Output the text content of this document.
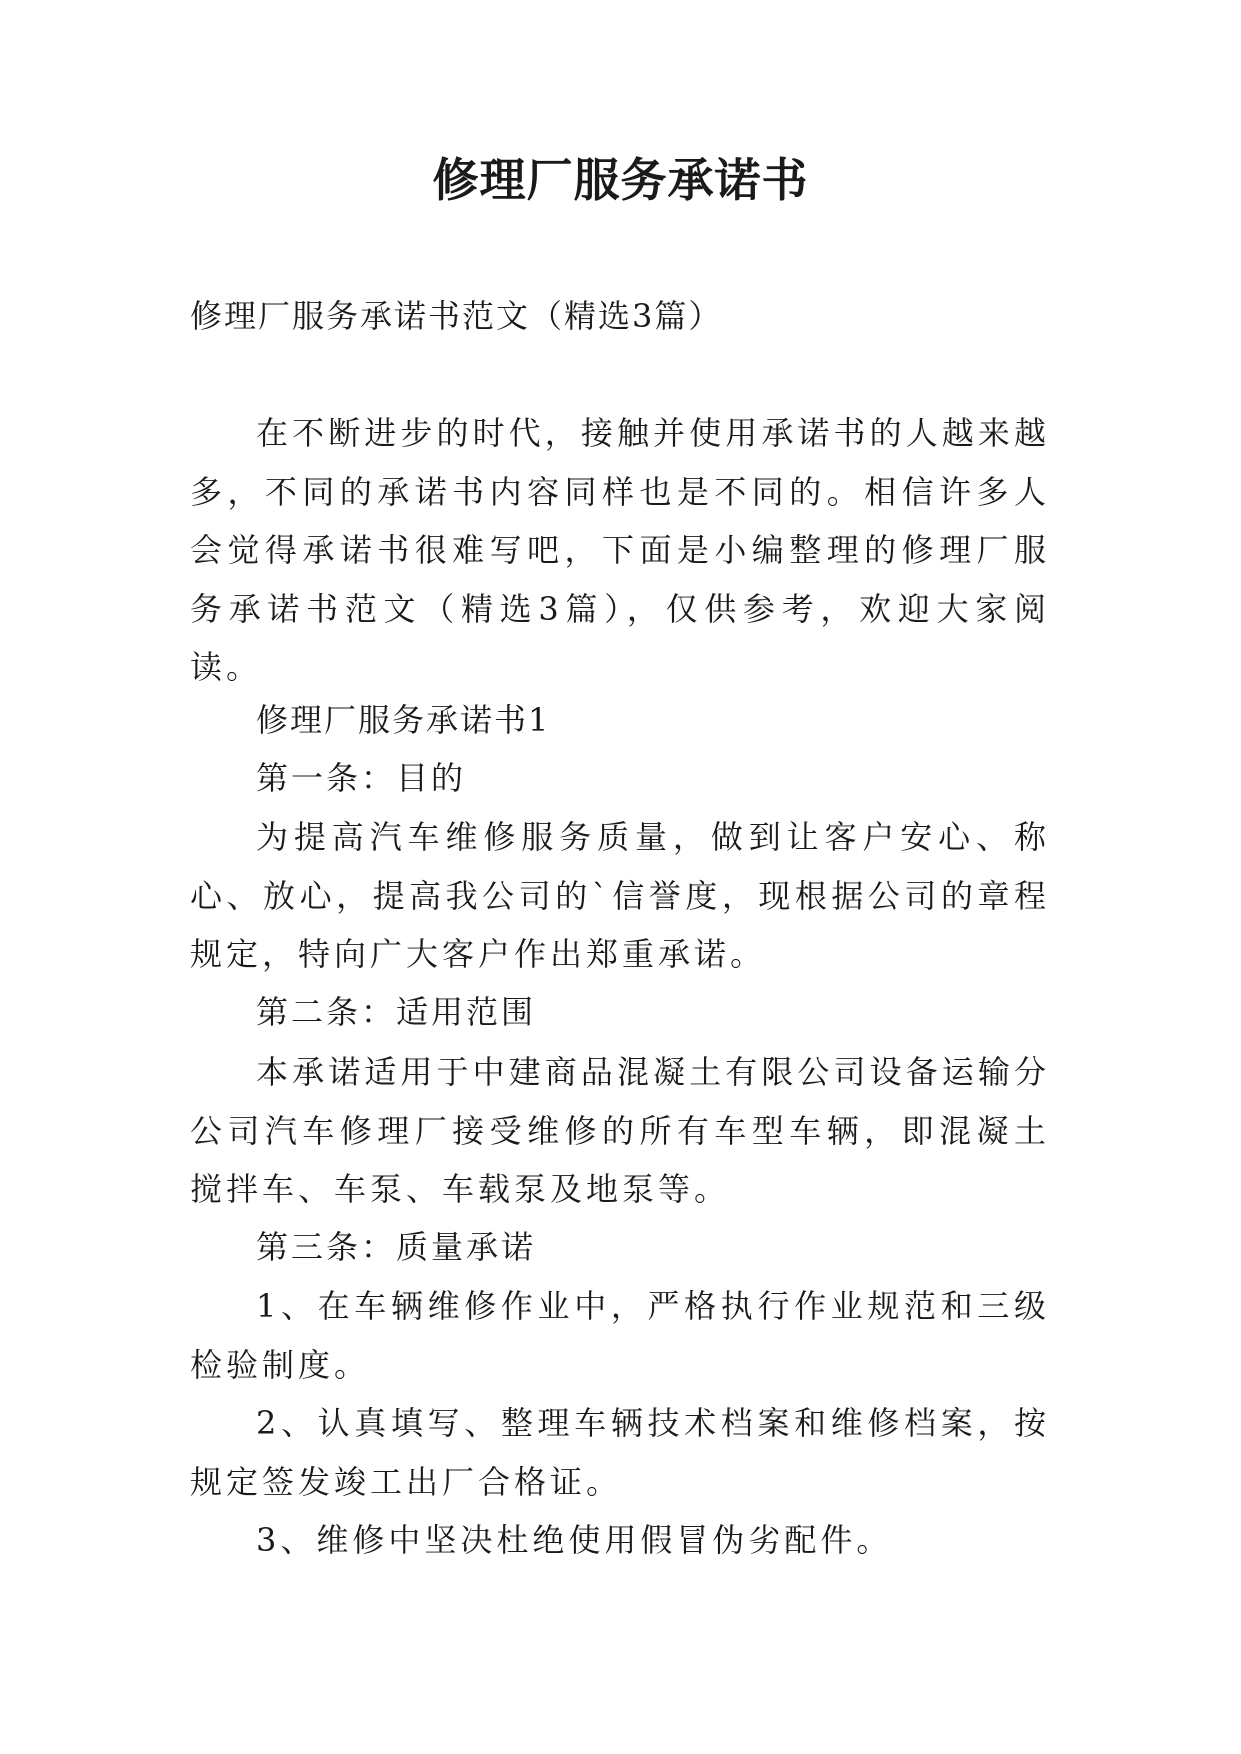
修理厂服务承诺书

修理厂服务承诺书范文（精选3篇）

在不断进步的时代，接触并使用承诺书的人越来越多，不同的承诺书内容同样也是不同的。相信许多人会觉得承诺书很难写吧，下面是小编整理的修理厂服务承诺书范文（精选3篇），仅供参考，欢迎大家阅读。

修理厂服务承诺书1

第一条：目的

为提高汽车维修服务质量，做到让客户安心、称心、放心，提高我公司的`信誉度，现根据公司的章程规定，特向广大客户作出郑重承诺。

第二条：适用范围

本承诺适用于中建商品混凝土有限公司设备运输分公司汽车修理厂接受维修的所有车型车辆，即混凝土搅拌车、车泵、车载泵及地泵等。

第三条：质量承诺

1、在车辆维修作业中，严格执行作业规范和三级检验制度。

2、认真填写、整理车辆技术档案和维修档案，按规定签发竣工出厂合格证。

3、维修中坚决杜绝使用假冒伪劣配件。
